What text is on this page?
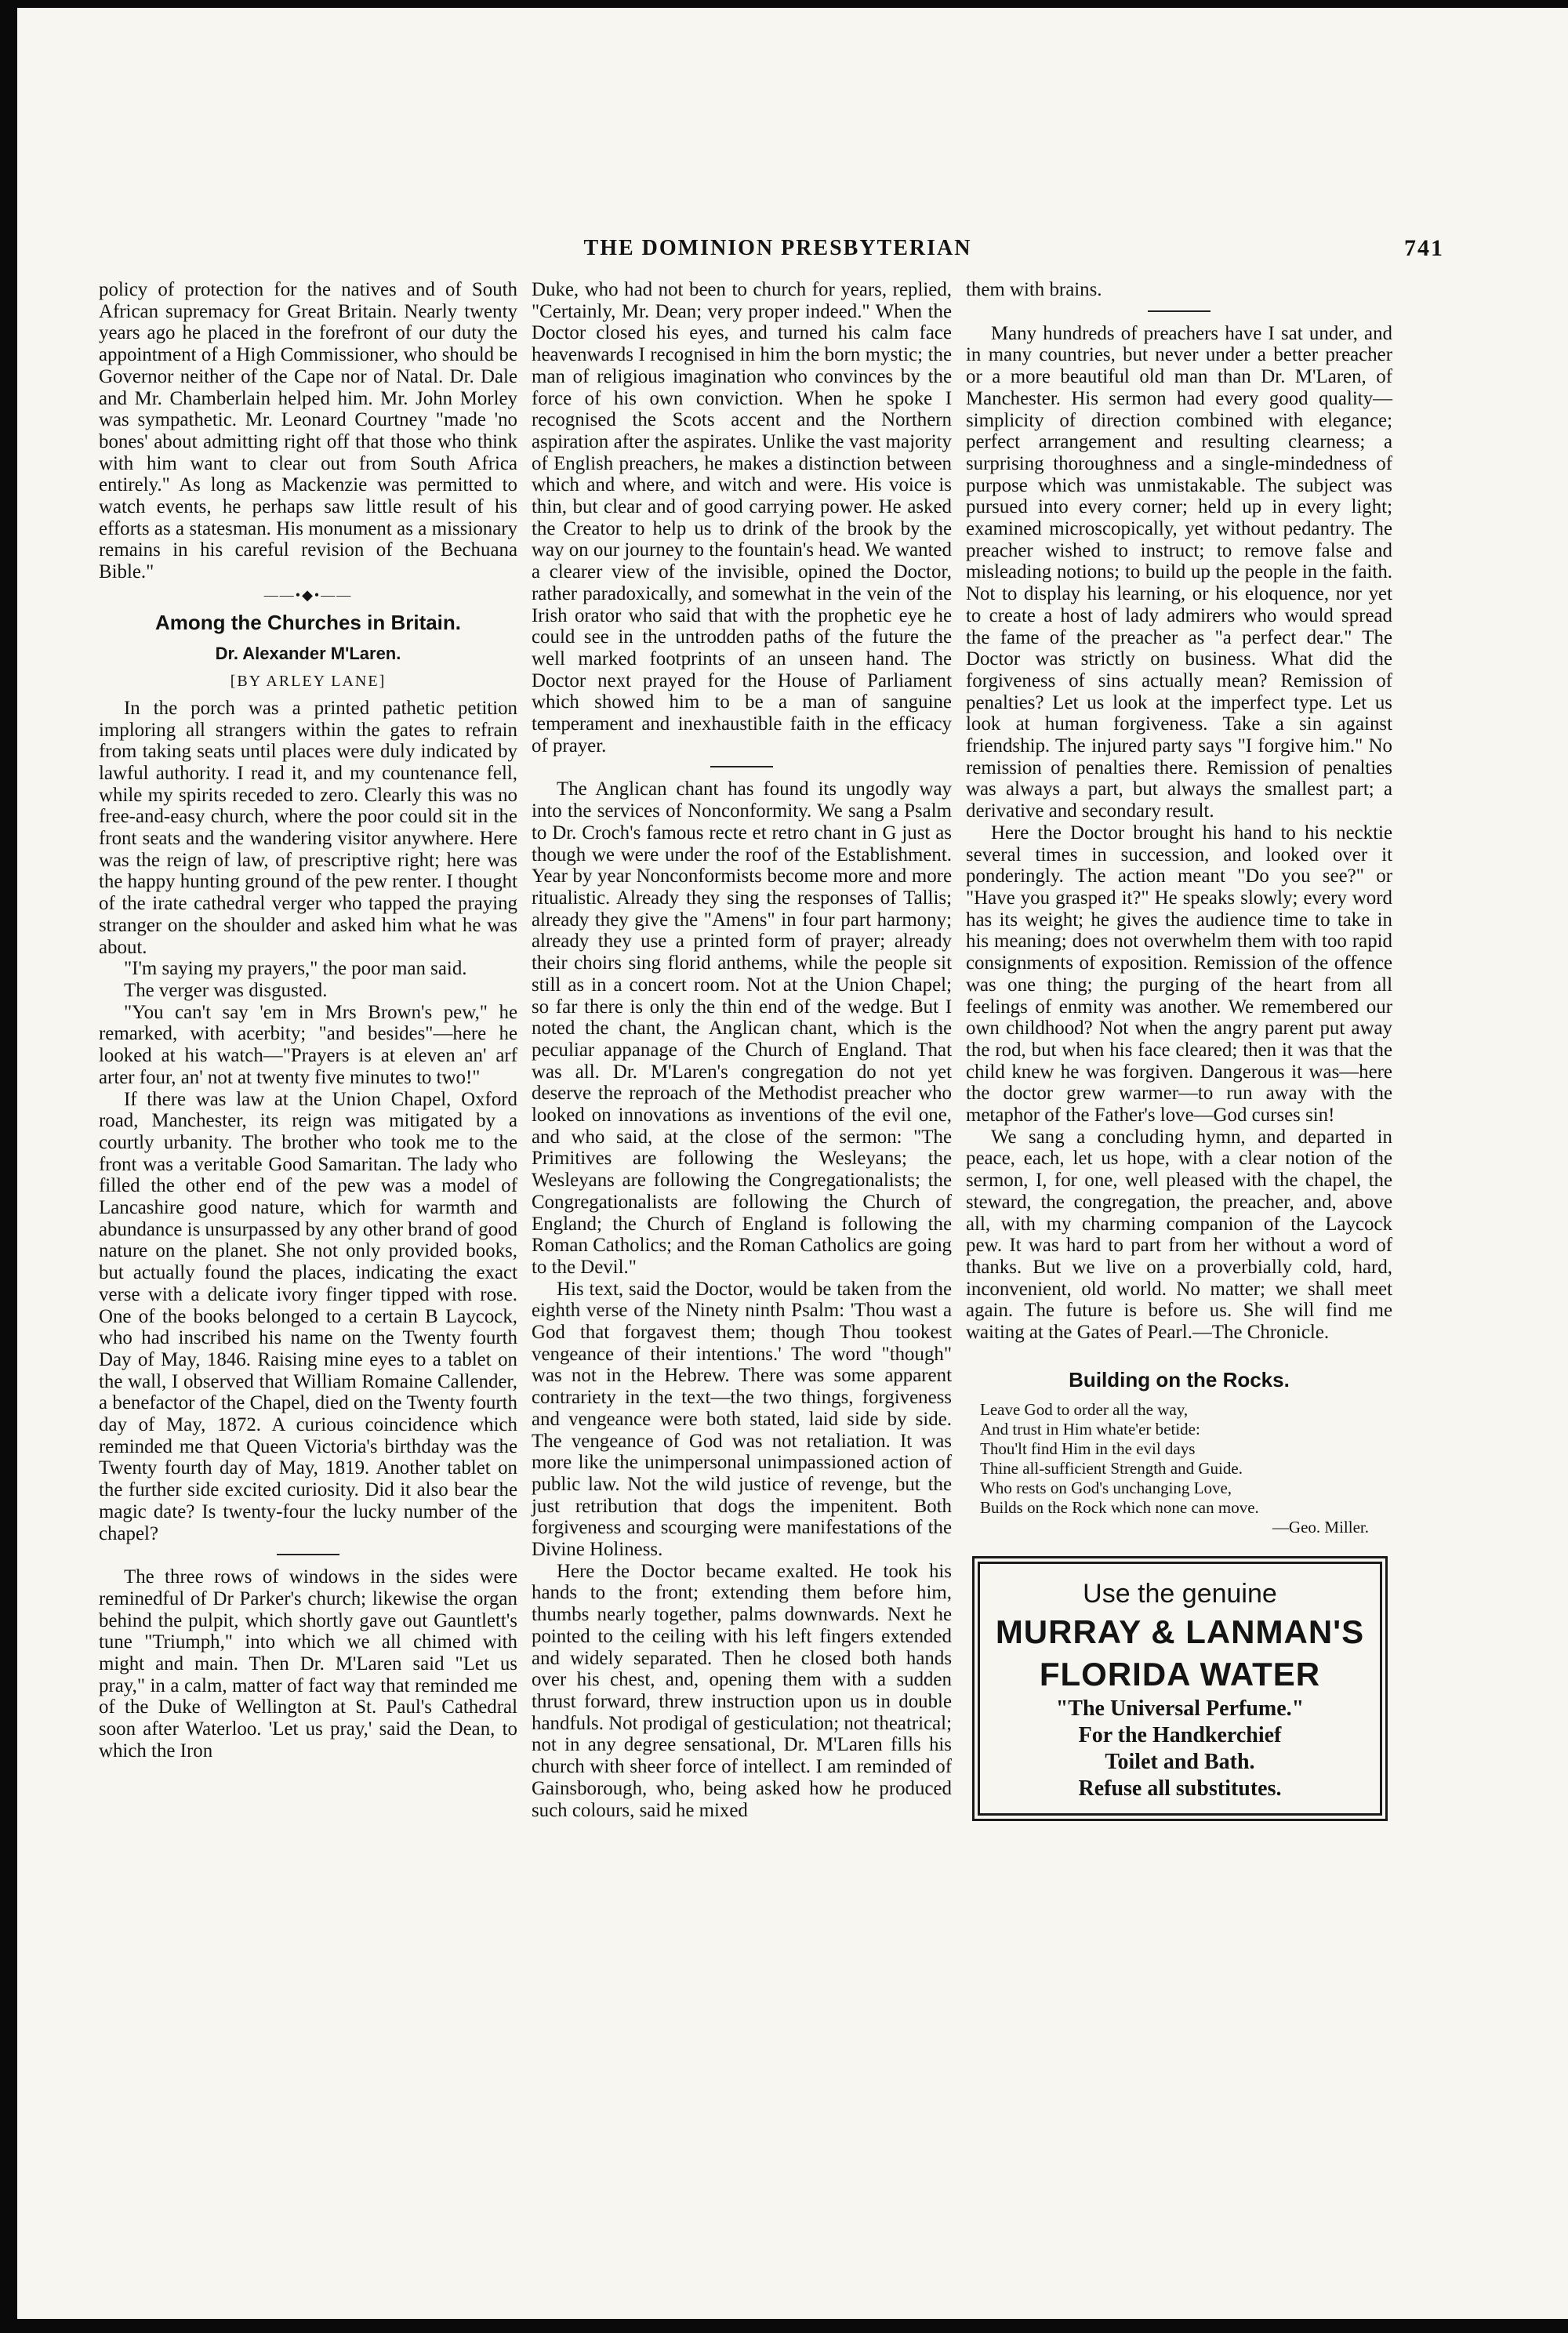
THE DOMINION PRESBYTERIAN	741

policy of protection for the natives and of South African supremacy for Great Britain. Nearly twenty years ago he placed in the forefront of our duty the appointment of a High Commissioner, who should be Governor neither of the Cape nor of Natal. Dr. Dale and Mr. Chamberlain helped him. Mr. John Morley was sympathetic. Mr. Leonard Courtney "made 'no bones' about admitting right off that those who think with him want to clear out from South Africa entirely." As long as Mackenzie was permitted to watch events, he perhaps saw little result of his efforts as a statesman. His monument as a missionary remains in his careful revision of the Bechuana Bible."

——•◆•——
Among the Churches in Britain.
Dr. Alexander M'Laren.
[BY ARLEY LANE]

In the porch was a printed pathetic petition imploring all strangers within the gates to refrain from taking seats until places were duly indicated by lawful authority. I read it, and my countenance fell, while my spirits receded to zero. Clearly this was no free-and-easy church, where the poor could sit in the front seats and the wandering visitor anywhere. Here was the reign of law, of prescriptive right; here was the happy hunting ground of the pew renter. I thought of the irate cathedral verger who tapped the praying stranger on the shoulder and asked him what he was about.

"I'm saying my prayers," the poor man said.

The verger was disgusted.

"You can't say 'em in Mrs Brown's pew," he remarked, with acerbity; "and besides"—here he looked at his watch—"Prayers is at eleven an' arf arter four, an' not at twenty five minutes to two!"

If there was law at the Union Chapel, Oxford road, Manchester, its reign was mitigated by a courtly urbanity. The brother who took me to the front was a veritable Good Samaritan. The lady who filled the other end of the pew was a model of Lancashire good nature, which for warmth and abundance is unsurpassed by any other brand of good nature on the planet. She not only provided books, but actually found the places, indicating the exact verse with a delicate ivory finger tipped with rose. One of the books belonged to a certain B Laycock, who had inscribed his name on the Twenty fourth Day of May, 1846. Raising mine eyes to a tablet on the wall, I observed that William Romaine Callender, a benefactor of the Chapel, died on the Twenty fourth day of May, 1872. A curious coincidence which reminded me that Queen Victoria's birthday was the Twenty fourth day of May, 1819. Another tablet on the further side excited curiosity. Did it also bear the magic date? Is twenty-four the lucky number of the chapel?

The three rows of windows in the sides were reminedful of Dr Parker's church; likewise the organ behind the pulpit, which shortly gave out Gauntlett's tune "Triumph," into which we all chimed with might and main. Then Dr. M'Laren said "Let us pray," in a calm, matter of fact way that reminded me of the Duke of Wellington at St. Paul's Cathedral soon after Waterloo. 'Let us pray,' said the Dean, to which the Iron

Duke, who had not been to church for years, replied, "Certainly, Mr. Dean; very proper indeed." When the Doctor closed his eyes, and turned his calm face heavenwards I recognised in him the born mystic; the man of religious imagination who convinces by the force of his own conviction. When he spoke I recognised the Scots accent and the Northern aspiration after the aspirates. Unlike the vast majority of English preachers, he makes a distinction between which and where, and witch and were. His voice is thin, but clear and of good carrying power. He asked the Creator to help us to drink of the brook by the way on our journey to the fountain's head. We wanted a clearer view of the invisible, opined the Doctor, rather paradoxically, and somewhat in the vein of the Irish orator who said that with the prophetic eye he could see in the untrodden paths of the future the well marked footprints of an unseen hand. The Doctor next prayed for the House of Parliament which showed him to be a man of sanguine temperament and inexhaustible faith in the efficacy of prayer.

The Anglican chant has found its ungodly way into the services of Nonconformity. We sang a Psalm to Dr. Croch's famous recte et retro chant in G just as though we were under the roof of the Establishment. Year by year Nonconformists become more and more ritualistic. Already they sing the responses of Tallis; already they give the "Amens" in four part harmony; already they use a printed form of prayer; already their choirs sing florid anthems, while the people sit still as in a concert room. Not at the Union Chapel; so far there is only the thin end of the wedge. But I noted the chant, the Anglican chant, which is the peculiar appanage of the Church of England. That was all. Dr. M'Laren's congregation do not yet deserve the reproach of the Methodist preacher who looked on innovations as inventions of the evil one, and who said, at the close of the sermon: "The Primitives are following the Wesleyans; the Wesleyans are following the Congregationalists; the Congregationalists are following the Church of England; the Church of England is following the Roman Catholics; and the Roman Catholics are going to the Devil."

His text, said the Doctor, would be taken from the eighth verse of the Ninety ninth Psalm: 'Thou wast a God that forgavest them; though Thou tookest vengeance of their intentions.' The word "though" was not in the Hebrew. There was some apparent contrariety in the text—the two things, forgiveness and vengeance were both stated, laid side by side. The vengeance of God was not retaliation. It was more like the unimpersonal unimpassioned action of public law. Not the wild justice of revenge, but the just retribution that dogs the impenitent. Both forgiveness and scourging were manifestations of the Divine Holiness.

Here the Doctor became exalted. He took his hands to the front; extending them before him, thumbs nearly together, palms downwards. Next he pointed to the ceiling with his left fingers extended and widely separated. Then he closed both hands over his chest, and, opening them with a sudden thrust forward, threw instruction upon us in double handfuls. Not prodigal of gesticulation; not theatrical; not in any degree sensational, Dr. M'Laren fills his church with sheer force of intellect. I am reminded of Gainsborough, who, being asked how he produced such colours, said he mixed

them with brains.

Many hundreds of preachers have I sat under, and in many countries, but never under a better preacher or a more beautiful old man than Dr. M'Laren, of Manchester. His sermon had every good quality—simplicity of direction combined with elegance; perfect arrangement and resulting clearness; a surprising thoroughness and a single-mindedness of purpose which was unmistakable. The subject was pursued into every corner; held up in every light; examined microscopically, yet without pedantry. The preacher wished to instruct; to remove false and misleading notions; to build up the people in the faith. Not to display his learning, or his eloquence, nor yet to create a host of lady admirers who would spread the fame of the preacher as "a perfect dear." The Doctor was strictly on business. What did the forgiveness of sins actually mean? Remission of penalties? Let us look at the imperfect type. Let us look at human forgiveness. Take a sin against friendship. The injured party says "I forgive him." No remission of penalties there. Remission of penalties was always a part, but always the smallest part; a derivative and secondary result.

Here the Doctor brought his hand to his necktie several times in succession, and looked over it ponderingly. The action meant "Do you see?" or "Have you grasped it?" He speaks slowly; every word has its weight; he gives the audience time to take in his meaning; does not overwhelm them with too rapid consignments of exposition. Remission of the offence was one thing; the purging of the heart from all feelings of enmity was another. We remembered our own childhood? Not when the angry parent put away the rod, but when his face cleared; then it was that the child knew he was forgiven. Dangerous it was—here the doctor grew warmer—to run away with the metaphor of the Father's love—God curses sin!

We sang a concluding hymn, and departed in peace, each, let us hope, with a clear notion of the sermon, I, for one, well pleased with the chapel, the steward, the congregation, the preacher, and, above all, with my charming companion of the Laycock pew. It was hard to part from her without a word of thanks. But we live on a proverbially cold, hard, inconvenient, old world. No matter; we shall meet again. The future is before us. She will find me waiting at the Gates of Pearl.—The Chronicle.

Building on the Rocks.
Leave God to order all the way,
And trust in Him whate'er betide:
Thou'lt find Him in the evil days
Thine all-sufficient Strength and Guide.
Who rests on God's unchanging Love,
Builds on the Rock which none can move.
—Geo. Miller.
Use the genuine
MURRAY & LANMAN'S
FLORIDA WATER
"The Universal Perfume."
For the Handkerchief
Toilet and Bath.
Refuse all substitutes.
